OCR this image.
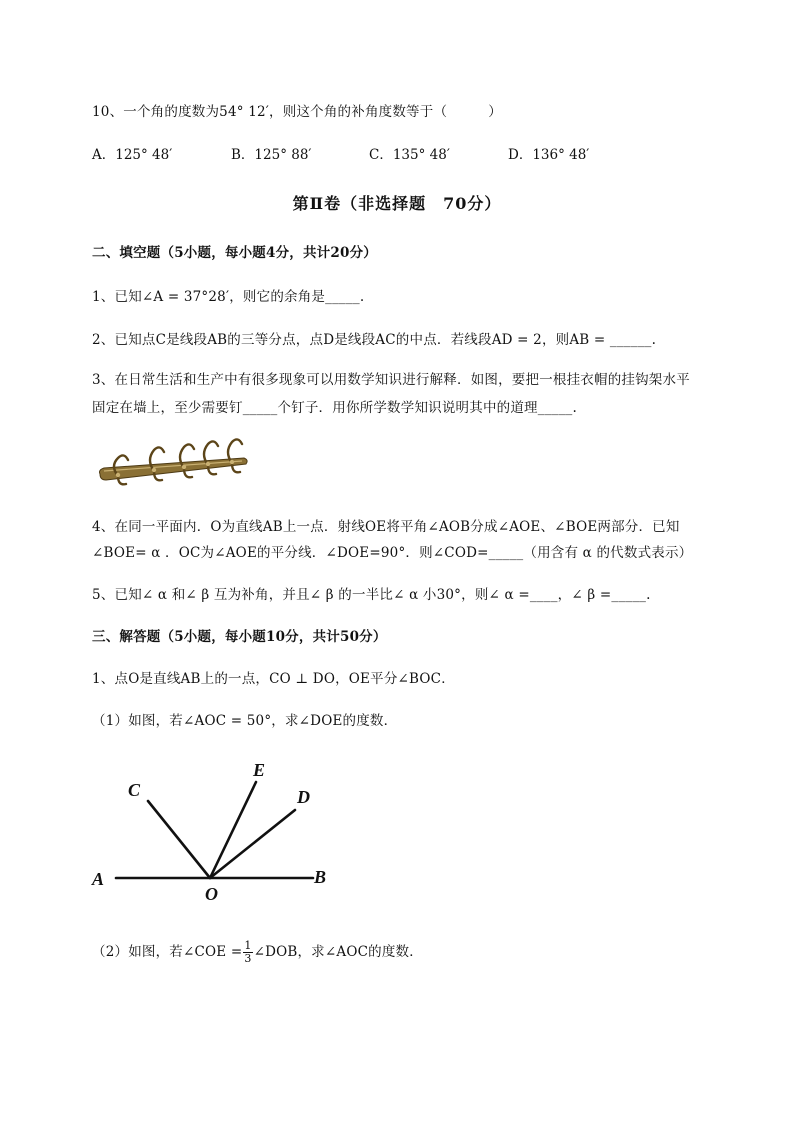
10、一个角的度数为54° 12′，则这个角的补角度数等于（　　　）
A．125° 48′	B．125° 88′	C．135° 48′	D．136° 48′
第Ⅱ卷（非选择题　70分）
二、填空题（5小题，每小题4分，共计20分）
1、已知∠A = 37°28′，则它的余角是_____.
2、已知点C是线段AB的三等分点，点D是线段AC的中点．若线段AD = 2，则AB = ______.
3、在日常生活和生产中有很多现象可以用数学知识进行解释．如图，要把一根挂衣帽的挂钩架水平
固定在墙上，至少需要钉_____个钉子．用你所学数学知识说明其中的道理_____.
4、在同一平面内．O为直线AB上一点．射线OE将平角∠AOB分成∠AOE、∠BOE两部分．已知
∠BOE= α ．OC为∠AOE的平分线．∠DOE=90°．则∠COD=_____（用含有 α 的代数式表示）
5、已知∠ α 和∠ β 互为补角，并且∠ β 的一半比∠ α 小30°，则∠ α =____，∠ β =_____.
三、解答题（5小题，每小题10分，共计50分）
1、点O是直线AB上的一点，CO ⊥ DO，OE平分∠BOC．
（1）如图，若∠AOC = 50°，求∠DOE的度数．
A	B
O
C
E
D
（2）如图，若∠COE = $\frac{1}{3}$ ∠DOB，求∠AOC的度数．
